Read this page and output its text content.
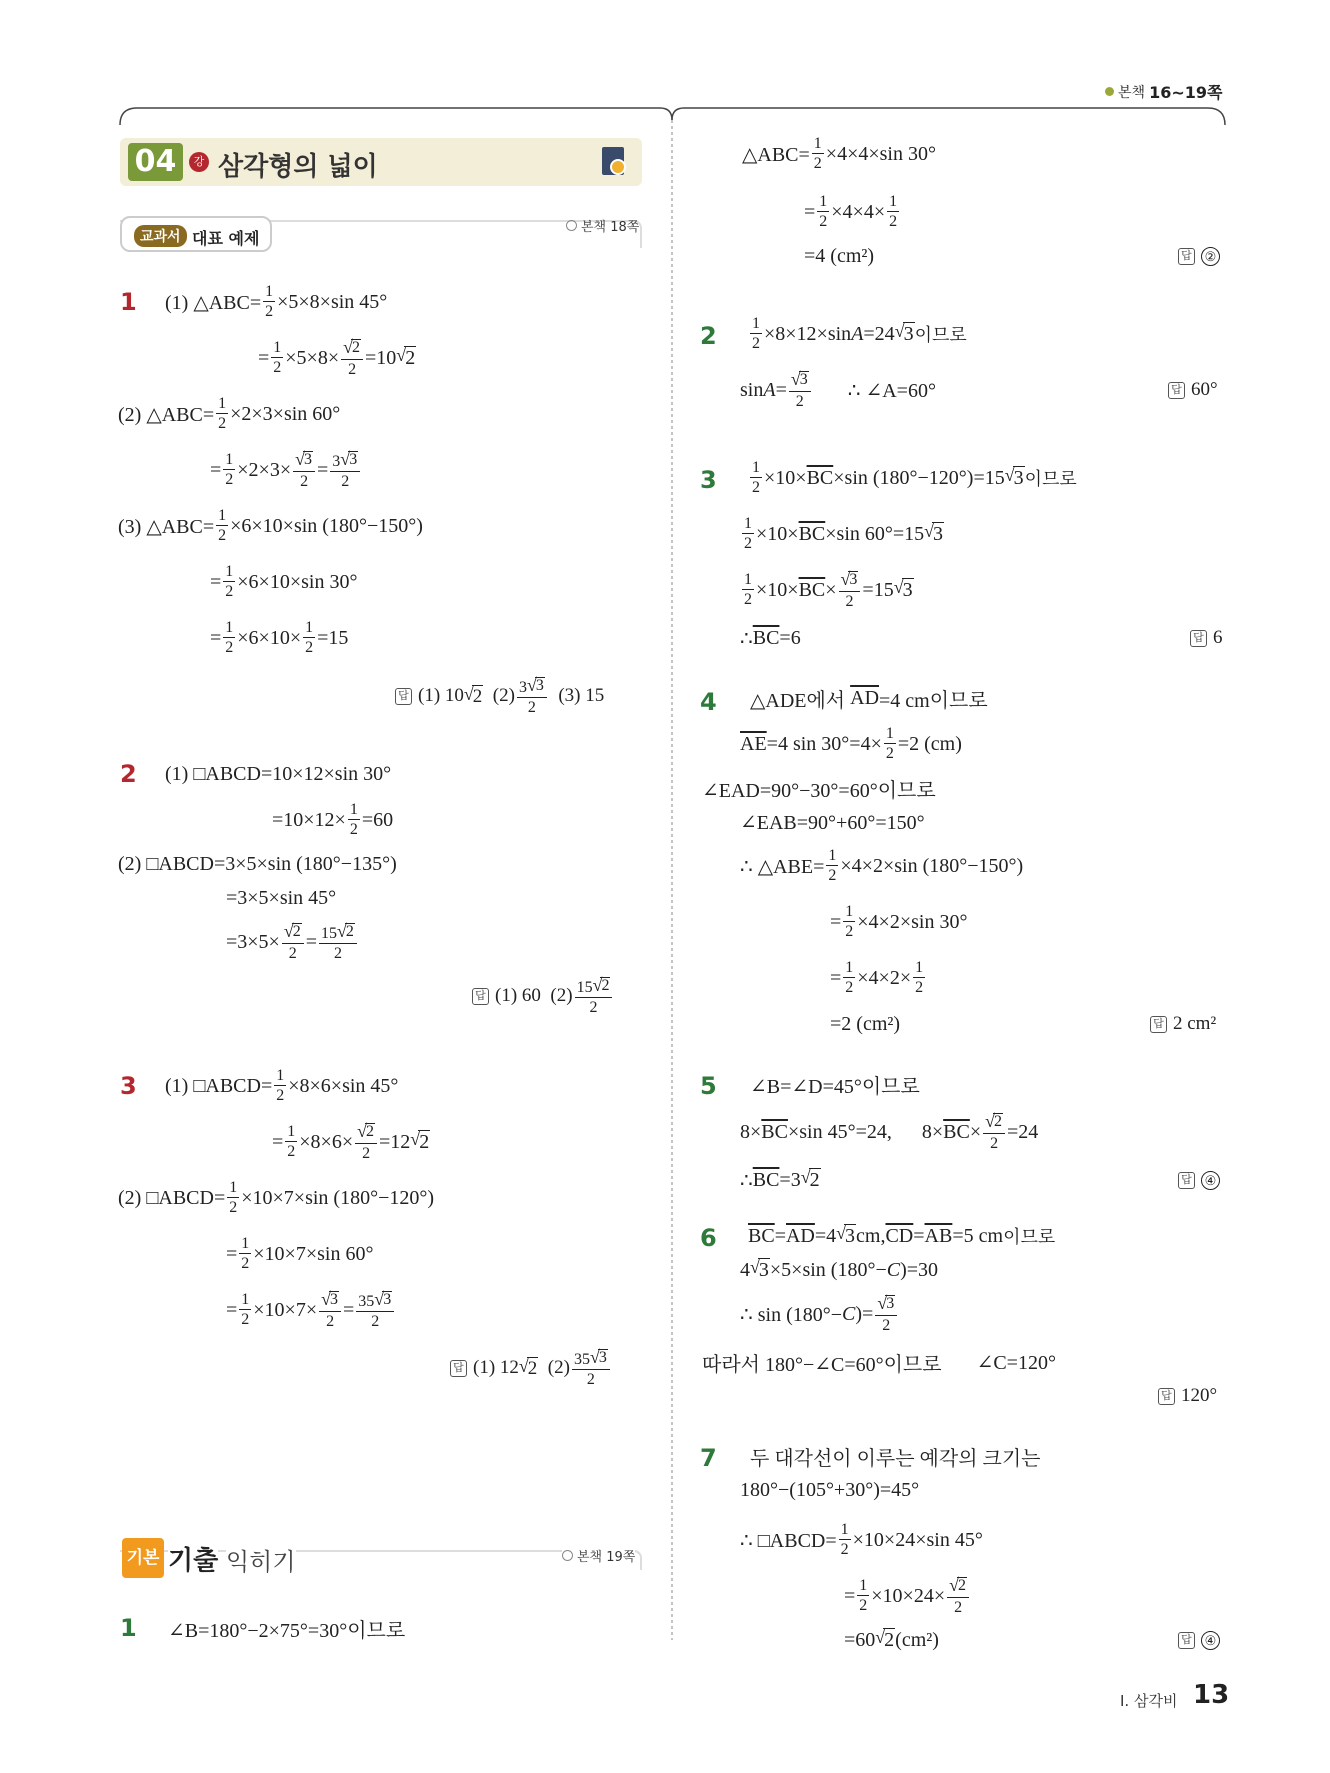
본책 16~19쪽
04	강 삼각형의 넓이
교과서 대표 예제
본책 18쪽
1 (1) △ABC= 1
2 ×5×8×sin 45°
= 1
2 ×5×8× √ 2
2
=10 √ 2
(2) △ABC= 1
2 ×2×3×sin 60°
= 1
2 ×2×3× √ 3
2
= 3 √ 3
2
(3) △ABC= 1
2 ×6×10×sin (180°−150°)
= 1
2 ×6×10×sin 30°
= 1
2 ×6×10× 1
2 =15
답 (1) 10 √ 2 (2) 3 √ 3
2
(3) 15
2 (1) □ABCD=10×12×sin 30°
=10×12× 1
2 =60
(2) □ABCD=3×5×sin (180°−135°)
=3×5×sin 45°
=3×5× √ 2
2
= 15 √ 2
2
답 (1) 60  (2) 15 √ 2
2
3 (1) □ABCD= 1
2 ×8×6×sin 45°
= 1
2 ×8×6× √ 2
2
=12 √ 2
(2) □ABCD= 1
2 ×10×7×sin (180°−120°)
= 1
2 ×10×7×sin 60°
= 1
2 ×10×7× √ 3
2
= 35 √ 3
2
답 (1) 12 √ 2 (2) 35 √ 3
2
기본 기출 익히기	본책 19쪽
1 ∠B=180°−2×75°=30°이므로
△ABC= 1
2 ×4×4×sin 30°
= 1
2 ×4×4× 1
2
=4 (cm²)	답 ②
2 1
2 ×8×12×sin A =24 √ 3 이므로
sin A = √ 3
2 ∴ ∠A=60°	답 60°
3 1
$2 \times 10\times \overline{BC} \times\sin$ (180°−120°)=15 √ 3 이므로
1
$2 \times 10\times \overline{BC} \times\sin$ 60°=15 √ 3
1
$2 \times 10\times \overline{BC}$ × √ 3
2
=15 √ 3
∴ $\overline{BC} =6$	답 6
4 △ADE에서
$\overline{AD} =4$ cm이므로
$\overline{AE} =4$ sin 30°=4× 1
2 =2 (cm)
∠EAD=90°−30°=60°이므로
∠EAB=90°+60°=150°
∴ △ABE= 1
2 ×4×2×sin (180°−150°)
= 1
2 ×4×2×sin 30°
= 1
2 ×4×2× 1
2
=2 (cm²)	답 2 cm²
5 ∠B=∠D=45°이므로
$8\times \overline{BC} \times\sin$ 45°=24,      $8\times \overline{BC}$ × √ 2
2
=24
∴ $\overline{BC} =3$ √ 2	답 ④
6 $\overline{BC} = \overline{AD} =4$ √ 3 cm, $\overline{CD} = \overline{AB} =5$ cm 이므로
4 √ 3 ×5×sin (180°− C )=30
∴ sin (180°− C )= √ 3
2
따라서 180°−∠C=60°이므로 ∠C=120°
답 120°
7 두 대각선이 이루는 예각의 크기는
180°−(105°+30°)=45°
∴ □ABCD= 1
2 ×10×24×sin 45°
= 1
2 ×10×24× √ 2
2
=60 √ 2 (cm²)	답 ④
Ⅰ. 삼각비 13
